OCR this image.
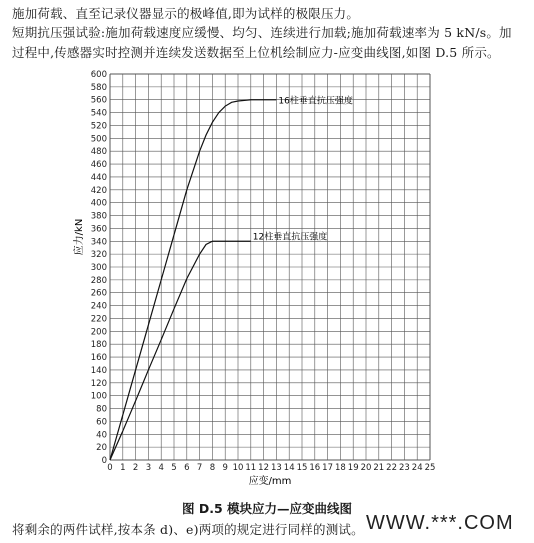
施加荷载、直至记录仪器显示的极峰值,即为试样的极限压力。
短期抗压强试验:施加荷载速度应缓慢、均匀、连续进行加载;施加荷载速率为 5 kN/s。加
过程中,传感器实时控测并连续发送数据至上位机绘制应力-应变曲线图,如图 D.5 所示。
0 1 2 3 4 5 6 7 8 9 10 11 12 13 14 15 16 17 18 19 20 21 22 23 24 25
0
20
40
60
80
100
120
140
160
180
200
220
240
260
280
300
320
340
360
380
400
420
440
460
480
500
520
540
560
580
600
应变/mm
应力/kN
16柱垂直抗压强度
12柱垂直抗压强度
图 D.5 模块应力—应变曲线图
将剩余的两件试样,按本条 d)、e)两项的规定进行同样的测试。 WWW.***.COM
